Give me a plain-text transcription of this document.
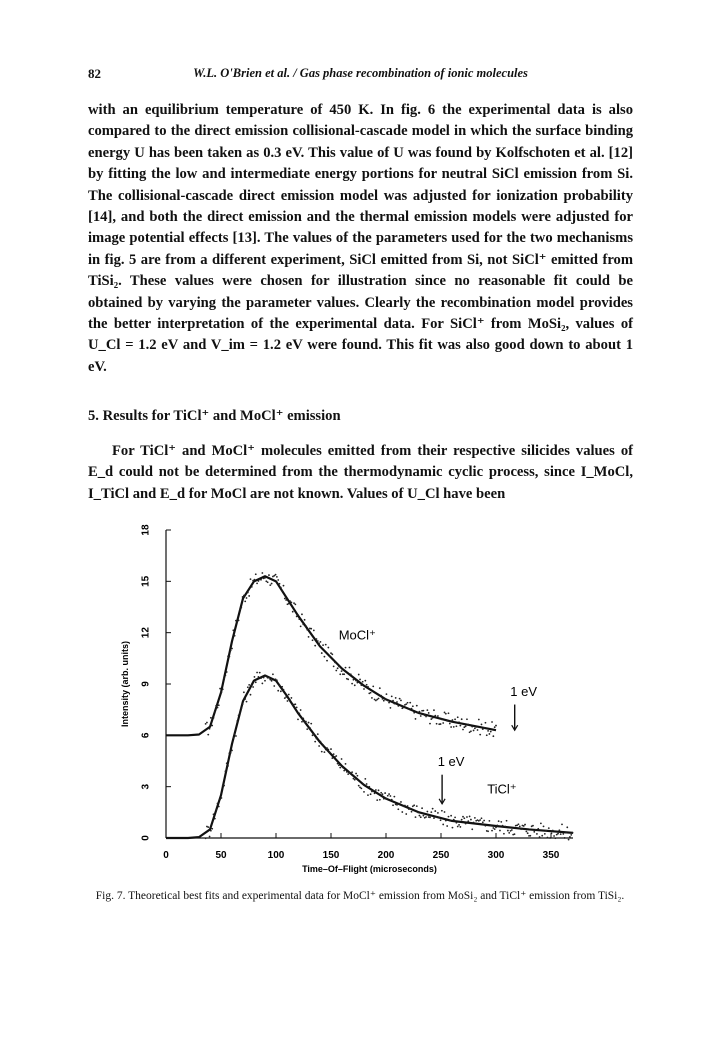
82	W.L. O'Brien et al. / Gas phase recombination of ionic molecules

with an equilibrium temperature of 450 K. In fig. 6 the experimental data is also compared to the direct emission collisional-cascade model in which the surface binding energy U has been taken as 0.3 eV. This value of U was found by Kolfschoten et al. [12] by fitting the low and intermediate energy portions for neutral SiCl emission from Si. The collisional-cascade direct emission model was adjusted for ionization probability [14], and both the direct emission and the thermal emission models were adjusted for image potential effects [13]. The values of the parameters used for the two mechanisms in fig. 5 are from a different experiment, SiCl emitted from Si, not SiCl⁺ emitted from TiSi₂. These values were chosen for illustration since no reasonable fit could be obtained by varying the parameter values. Clearly the recombination model provides the better interpretation of the experimental data. For SiCl⁺ from MoSi₂, values of U_Cl = 1.2 eV and V_im = 1.2 eV were found. This fit was also good down to about 1 eV.

5. Results for TiCl⁺ and MoCl⁺ emission

For TiCl⁺ and MoCl⁺ molecules emitted from their respective silicides values of E_d could not be determined from the thermodynamic cyclic process, since I_MoCl, I_TiCl and E_d for MoCl are not known. Values of U_Cl have been

0	50	100	150	200	250	300	350
0
3
6
9
12
15
18
Time–Of–Flight (microseconds)
Intensity (arb. units)
MoCl⁺
1 eV
1 eV
TiCl⁺
Fig. 7. Theoretical best fits and experimental data for MoCl⁺ emission from MoSi₂ and TiCl⁺ emission from TiSi₂.
